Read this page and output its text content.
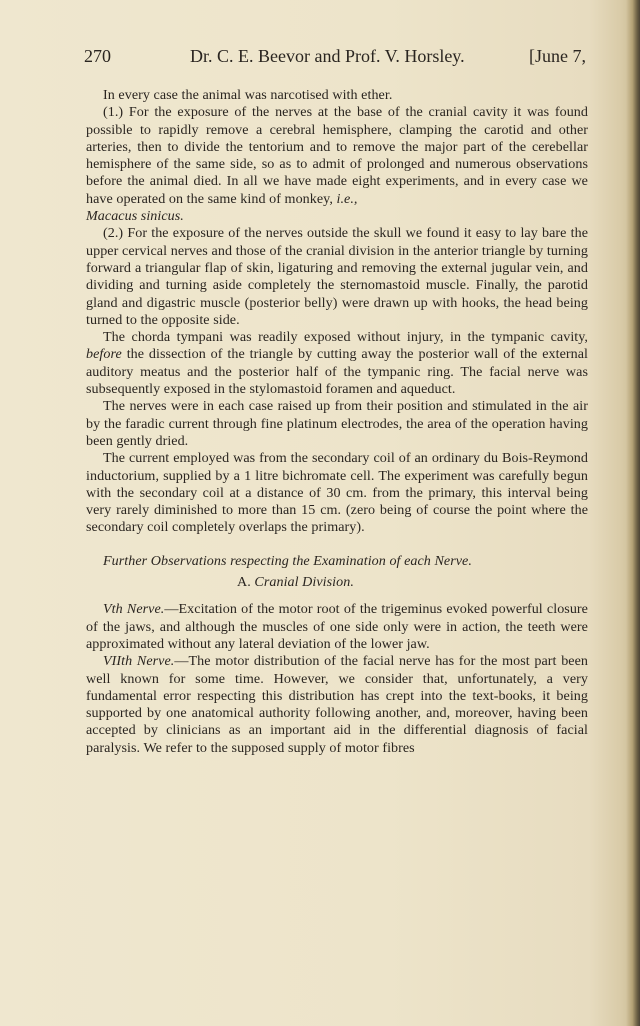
270	Dr. C. E. Beevor and Prof. V. Horsley.	[June 7,

In every case the animal was narcotised with ether.

(1.) For the exposure of the nerves at the base of the cranial cavity it was found possible to rapidly remove a cerebral hemisphere, clamping the carotid and other arteries, then to divide the tentorium and to remove the major part of the cerebellar hemisphere of the same side, so as to admit of prolonged and numerous observations before the animal died. In all we have made eight experiments, and in every case we have operated on the same kind of monkey, i.e.,
Macacus sinicus.

(2.) For the exposure of the nerves outside the skull we found it easy to lay bare the upper cervical nerves and those of the cranial division in the anterior triangle by turning forward a triangular flap of skin, ligaturing and removing the external jugular vein, and dividing and turning aside completely the sternomastoid muscle. Finally, the parotid gland and digastric muscle (posterior belly) were drawn up with hooks, the head being turned to the opposite side.

The chorda tympani was readily exposed without injury, in the tympanic cavity, before the dissection of the triangle by cutting away the posterior wall of the external auditory meatus and the posterior half of the tympanic ring. The facial nerve was subsequently exposed in the stylomastoid foramen and aqueduct.

The nerves were in each case raised up from their position and stimulated in the air by the faradic current through fine platinum electrodes, the area of the operation having been gently dried.

The current employed was from the secondary coil of an ordinary du Bois-Reymond inductorium, supplied by a 1 litre bichromate cell. The experiment was carefully begun with the secondary coil at a distance of 30 cm. from the primary, this interval being very rarely diminished to more than 15 cm. (zero being of course the point where the secondary coil completely overlaps the primary).

Further Observations respecting the Examination of each Nerve.

A. Cranial Division.

Vth Nerve.—Excitation of the motor root of the trigeminus evoked powerful closure of the jaws, and although the muscles of one side only were in action, the teeth were approximated without any lateral deviation of the lower jaw.

VIIth Nerve.—The motor distribution of the facial nerve has for the most part been well known for some time. However, we consider that, unfortunately, a very fundamental error respecting this distribution has crept into the text-books, it being supported by one anatomical authority following another, and, moreover, having been accepted by clinicians as an important aid in the differential diagnosis of facial paralysis. We refer to the supposed supply of motor fibres
